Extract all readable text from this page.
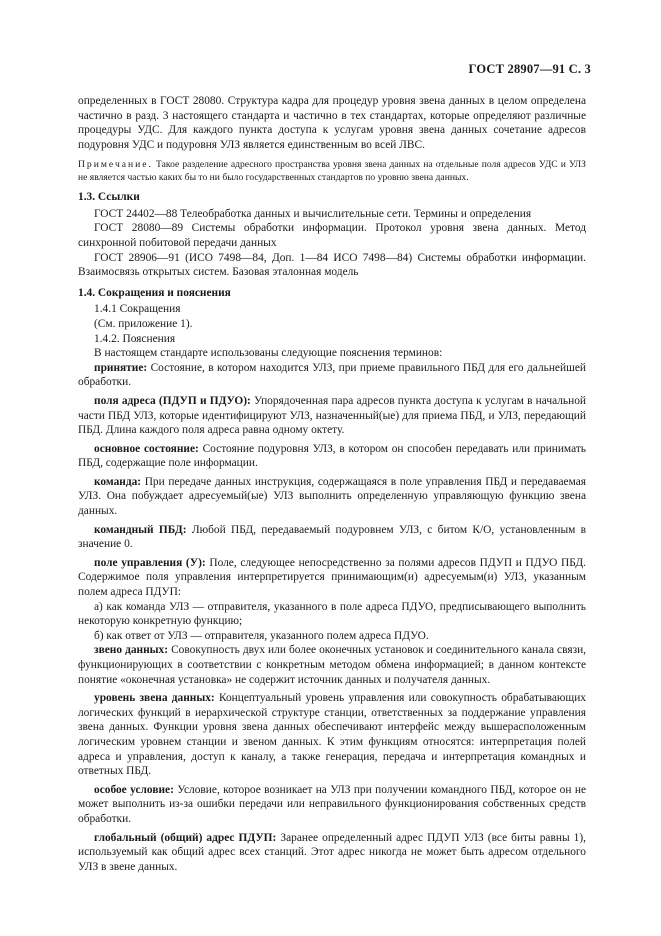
ГОСТ 28907—91 С. 3

определенных в ГОСТ 28080. Структура кадра для процедур уровня звена данных в целом определена частично в разд. 3 настоящего стандарта и частично в тех стандартах, которые определяют различные процедуры УДС. Для каждого пункта доступа к услугам уровня звена данных сочетание адресов подуровня УДС и подуровня УЛЗ является единственным во всей ЛВС.

Примечание. Такое разделение адресного пространства уровня звена данных на отдельные поля адресов УДС и УЛЗ не является частью каких бы то ни было государственных стандартов по уровню звена данных.

1.3. Ссылки

ГОСТ 24402—88 Телеобработка данных и вычислительные сети. Термины и определения

ГОСТ 28080—89 Системы обработки информации. Протокол уровня звена данных. Метод синхронной побитовой передачи данных

ГОСТ 28906—91 (ИСО 7498—84, Доп. 1—84 ИСО 7498—84) Системы обработки информации. Взаимосвязь открытых систем. Базовая эталонная модель

1.4. Сокращения и пояснения

1.4.1 Сокращения

(См. приложение 1).

1.4.2. Пояснения

В настоящем стандарте использованы следующие пояснения терминов:

принятие: Состояние, в котором находится УЛЗ, при приеме правильного ПБД для его дальнейшей обработки.

поля адреса (ПДУП и ПДУО): Упорядоченная пара адресов пункта доступа к услугам в начальной части ПБД УЛЗ, которые идентифицируют УЛЗ, назначенный(ые) для приема ПБД, и УЛЗ, передающий ПБД. Длина каждого поля адреса равна одному октету.

основное состояние: Состояние подуровня УЛЗ, в котором он способен передавать или принимать ПБД, содержащие поле информации.

команда: При передаче данных инструкция, содержащаяся в поле управления ПБД и передаваемая УЛЗ. Она побуждает адресуемый(ые) УЛЗ выполнить определенную управляющую функцию звена данных.

командный ПБД: Любой ПБД, передаваемый подуровнем УЛЗ, с битом К/О, установленным в значение 0.

поле управления (У): Поле, следующее непосредственно за полями адресов ПДУП и ПДУО ПБД. Содержимое поля управления интерпретируется принимающим(и) адресуемым(и) УЛЗ, указанным полем адреса ПДУП:

а) как команда УЛЗ — отправителя, указанного в поле адреса ПДУО, предписывающего выполнить некоторую конкретную функцию;

б) как ответ от УЛЗ — отправителя, указанного полем адреса ПДУО.

звено данных: Совокупность двух или более оконечных установок и соединительного канала связи, функционирующих в соответствии с конкретным методом обмена информацией; в данном контексте понятие «оконечная установка» не содержит источник данных и получателя данных.

уровень звена данных: Концептуальный уровень управления или совокупность обрабатывающих логических функций в иерархической структуре станции, ответственных за поддержание управления звена данных. Функции уровня звена данных обеспечивают интерфейс между вышерасположенным логическим уровнем станции и звеном данных. К этим функциям относятся: интерпретация полей адреса и управления, доступ к каналу, а также генерация, передача и интерпретация командных и ответных ПБД.

особое условие: Условие, которое возникает на УЛЗ при получении командного ПБД, которое он не может выполнить из-за ошибки передачи или неправильного функционирования собственных средств обработки.

глобальный (общий) адрес ПДУП: Заранее определенный адрес ПДУП УЛЗ (все биты равны 1), используемый как общий адрес всех станций. Этот адрес никогда не может быть адресом отдельного УЛЗ в звене данных.
